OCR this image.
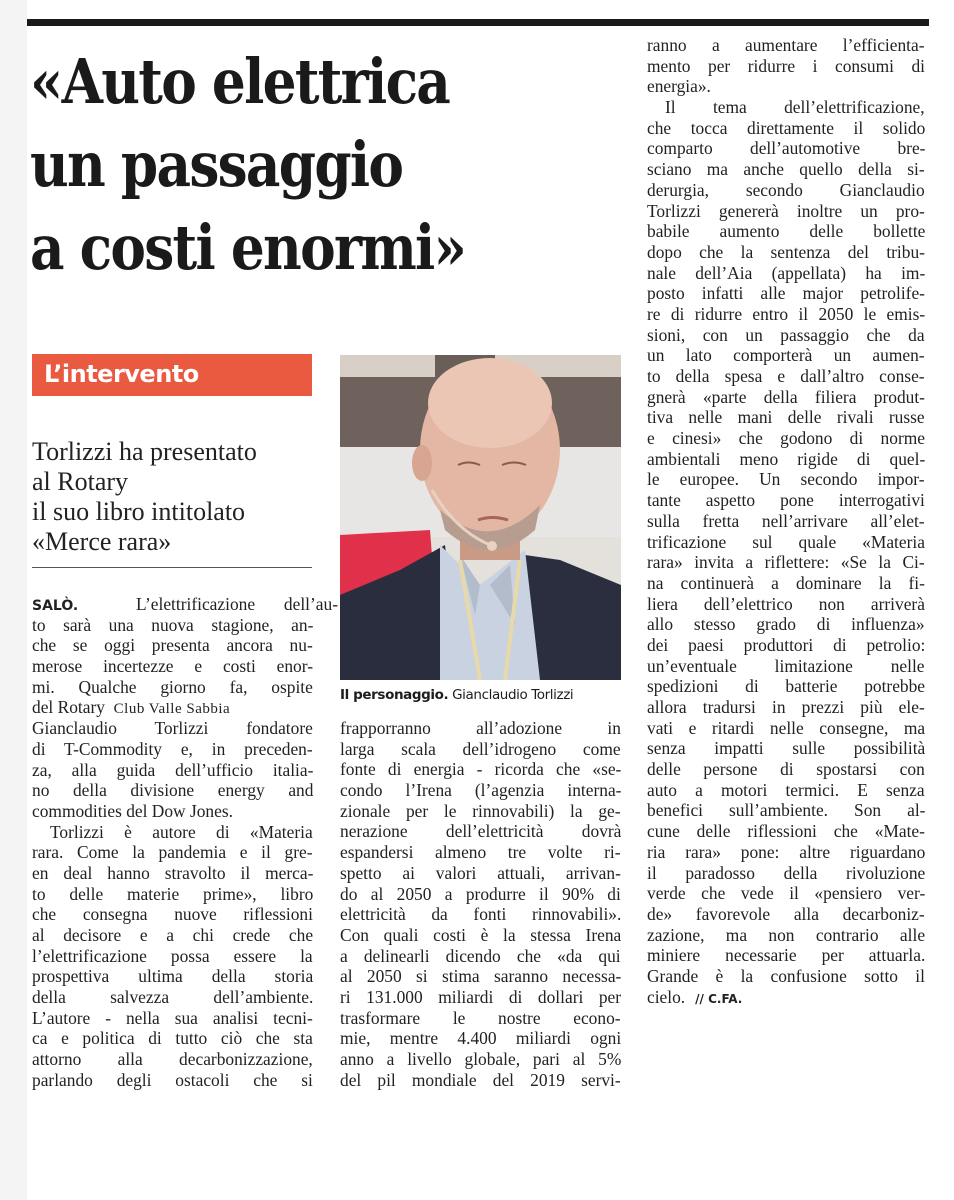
«Auto elettrica
un passaggio
a costi enormi»
L’intervento
Torlizzi ha presentato
al Rotary
il suo libro intitolato
«Merce rara»
SALÒ.	L’elettrificazione dell’au-
to sarà una nuova stagione, an-
che se oggi presenta ancora nu-
merose incertezze e costi enor-
mi. Qualche giorno fa, ospite
del Rotary Club Valle Sabbia
Gianclaudio Torlizzi fondatore
di T-Commodity e, in preceden-
za, alla guida dell’ufficio italia-
no della divisione energy and
commodities del Dow Jones.
Torlizzi è autore di «Materia
rara. Come la pandemia e il gre-
en deal hanno stravolto il merca-
to delle materie prime», libro
che consegna nuove riflessioni
al decisore e a chi crede che
l’elettrificazione possa essere la
prospettiva ultima della storia
della salvezza dell’ambiente.
L’autore - nella sua analisi tecni-
ca e politica di tutto ciò che sta
attorno alla decarbonizzazione,
parlando degli ostacoli che si
Il personaggio. Gianclaudio Torlizzi
frapporranno all’adozione in
larga scala dell’idrogeno come
fonte di energia - ricorda che «se-
condo l’Irena (l’agenzia interna-
zionale per le rinnovabili) la ge-
nerazione dell’elettricità dovrà
espandersi almeno tre volte ri-
spetto ai valori attuali, arrivan-
do al 2050 a produrre il 90% di
elettricità da fonti rinnovabili».
Con quali costi è la stessa Irena
a delinearli dicendo che «da qui
al 2050 si stima saranno necessa-
ri 131.000 miliardi di dollari per
trasformare le nostre econo-
mie, mentre 4.400 miliardi ogni
anno a livello globale, pari al 5%
del pil mondiale del 2019 servi-
ranno a aumentare l’efficienta-
mento per ridurre i consumi di
energia».
Il tema dell’elettrificazione,
che tocca direttamente il solido
comparto dell’automotive bre-
sciano ma anche quello della si-
derurgia, secondo Gianclaudio
Torlizzi genererà inoltre un pro-
babile aumento delle bollette
dopo che la sentenza del tribu-
nale dell’Aia (appellata) ha im-
posto infatti alle major petrolife-
re di ridurre entro il 2050 le emis-
sioni, con un passaggio che da
un lato comporterà un aumen-
to della spesa e dall’altro conse-
gnerà «parte della filiera produt-
tiva nelle mani delle rivali russe
e cinesi» che godono di norme
ambientali meno rigide di quel-
le europee. Un secondo impor-
tante aspetto pone interrogativi
sulla fretta nell’arrivare all’elet-
trificazione sul quale «Materia
rara» invita a riflettere: «Se la Ci-
na continuerà a dominare la fi-
liera dell’elettrico non arriverà
allo stesso grado di influenza»
dei paesi produttori di petrolio:
un’eventuale limitazione nelle
spedizioni di batterie potrebbe
allora tradursi in prezzi più ele-
vati e ritardi nelle consegne, ma
senza impatti sulle possibilità
delle persone di spostarsi con
auto a motori termici. E senza
benefici sull’ambiente. Son al-
cune delle riflessioni che «Mate-
ria rara» pone: altre riguardano
il paradosso della rivoluzione
verde che vede il «pensiero ver-
de» favorevole alla decarboniz-
zazione, ma non contrario alle
miniere necessarie per attuarla.
Grande è la confusione sotto il
cielo. // C.FA.
